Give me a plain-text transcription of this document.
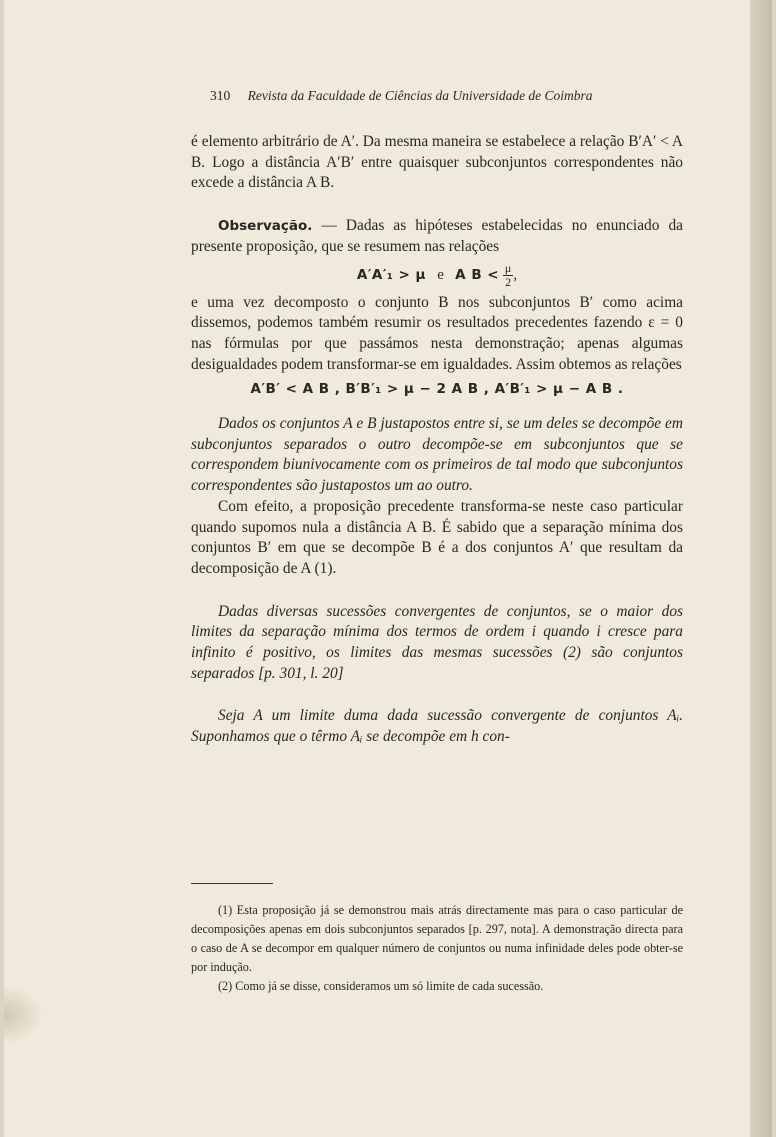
310 Revista da Faculdade de Ciências da Universidade de Coimbra

é elemento arbitrário de A′. Da mesma maneira se estabelece a relação B′A′ < A B. Logo a distância A′B′ entre quaisquer subconjuntos correspondentes não excede a distância A B.

Observação. — Dadas as hipóteses estabelecidas no enunciado da presente proposição, que se resumem nas relações

A′A′₁ > μ e A $B < \frac{\mu}{2}$ ,

e uma vez decomposto o conjunto B nos subconjuntos B′ como acima dissemos, podemos também resumir os resultados precedentes fazendo ε = 0 nas fórmulas por que passámos nesta demonstração; apenas algumas desigualdades podem transformar-se em igualdades. Assim obtemos as relações

A′B′ < A B , B′B′₁ > μ − 2 A B , A′B′₁ > μ − A B .

Dados os conjuntos A e B justapostos entre si, se um deles se decompõe em subconjuntos separados o outro decompõe-se em subconjuntos que se correspondem biunivocamente com os primeiros de tal modo que subconjuntos correspondentes são justapostos um ao outro.

Com efeito, a proposição precedente transforma-se neste caso particular quando supomos nula a distância A B. É sabido que a separação mínima dos conjuntos B′ em que se decompõe B é a dos conjuntos A′ que resultam da decomposição de A (1).

Dadas diversas sucessões convergentes de conjuntos, se o maior dos limites da separação mínima dos termos de ordem i quando i cresce para infinito é positivo, os limites das mesmas sucessões (2) são conjuntos separados [p. 301, l. 20]

Seja A um limite duma dada sucessão convergente de conjuntos Aᵢ. Suponhamos que o têrmo Aᵢ se decompõe em h con-

(1) Esta proposição já se demonstrou mais atrás directamente mas para o caso particular de decomposições apenas em dois subconjuntos separados [p. 297, nota]. A demonstração directa para o caso de A se decompor em qualquer número de conjuntos ou numa infinidade deles pode obter-se por indução.

(2) Como já se disse, consideramos um só limite de cada sucessão.
